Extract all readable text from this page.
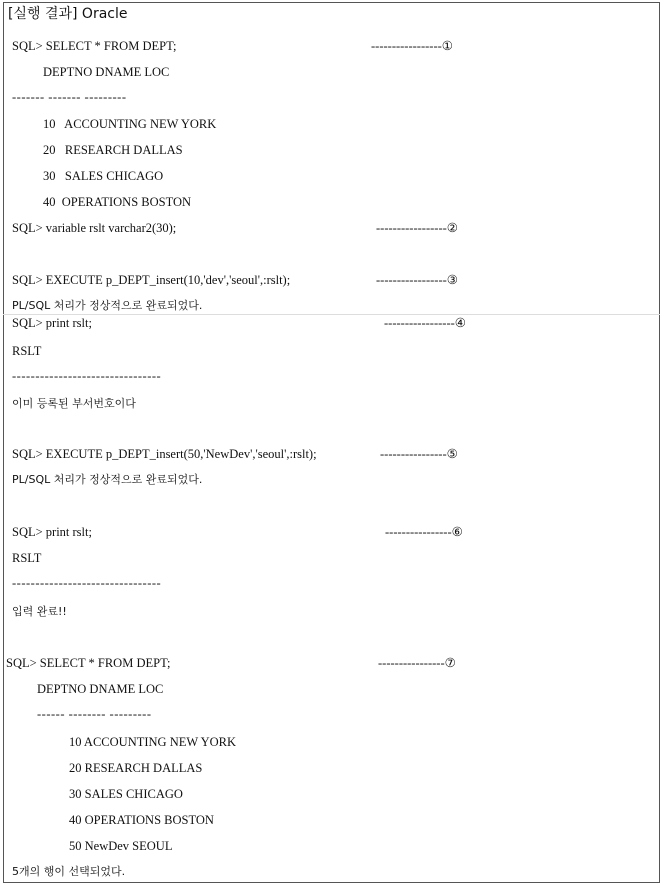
[실행 결과] Oracle
SQL> SELECT * FROM DEPT;	-----------------①
DEPTNO DNAME LOC
------- ------- ---------
10   ACCOUNTING NEW YORK
20   RESEARCH DALLAS
30   SALES CHICAGO
40  OPERATIONS BOSTON
SQL> variable rslt varchar2(30);	-----------------②
SQL> EXECUTE p_DEPT_insert(10,'dev','seoul',:rslt);	-----------------③
PL/SQL 처리가 정상적으로 완료되었다.
SQL> print rslt;	-----------------④
RSLT
--------------------------------
이미 등록된 부서번호이다
SQL> EXECUTE p_DEPT_insert(50,'NewDev','seoul',:rslt);	----------------⑤
PL/SQL 처리가 정상적으로 완료되었다.
SQL> print rslt;	----------------⑥
RSLT
--------------------------------
입력 완료!!
SQL> SELECT * FROM DEPT;	----------------⑦
DEPTNO DNAME LOC
------ -------- ---------
10 ACCOUNTING NEW YORK
20 RESEARCH DALLAS
30 SALES CHICAGO
40 OPERATIONS BOSTON
50 NewDev SEOUL
5개의 행이 선택되었다.
